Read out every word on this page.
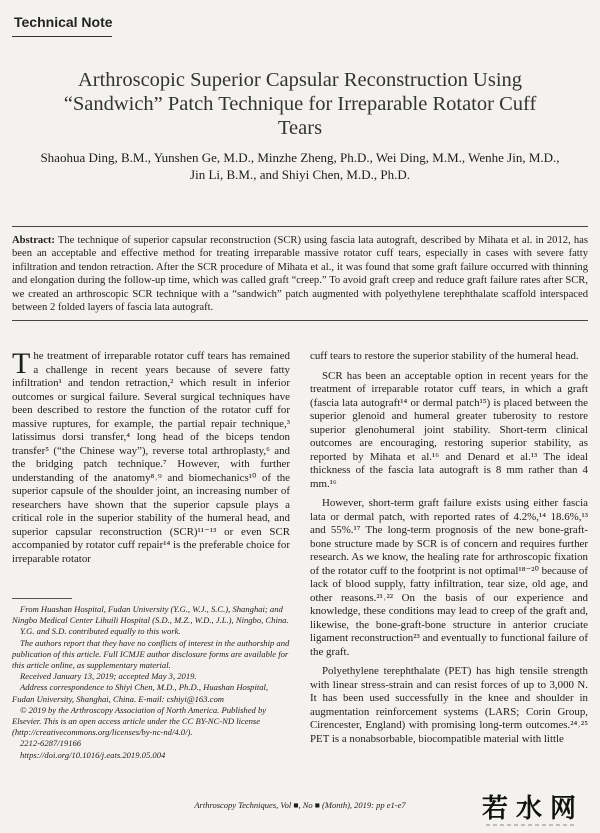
Technical Note
Arthroscopic Superior Capsular Reconstruction Using “Sandwich” Patch Technique for Irreparable Rotator Cuff Tears
Shaohua Ding, B.M., Yunshen Ge, M.D., Minzhe Zheng, Ph.D., Wei Ding, M.M., Wenhe Jin, M.D., Jin Li, B.M., and Shiyi Chen, M.D., Ph.D.
Abstract: The technique of superior capsular reconstruction (SCR) using fascia lata autograft, described by Mihata et al. in 2012, has been an acceptable and effective method for treating irreparable massive rotator cuff tears, especially in cases with severe fatty infiltration and tendon retraction. After the SCR procedure of Mihata et al., it was found that some graft failure occurred with thinning and elongation during the follow-up time, which was called graft “creep.” To avoid graft creep and reduce graft failure rates after SCR, we created an arthroscopic SCR technique with a “sandwich” patch augmented with polyethylene terephthalate scaffold interspaced between 2 folded layers of fascia lata autograft.

The treatment of irreparable rotator cuff tears has remained a challenge in recent years because of severe fatty infiltration¹ and tendon retraction,² which result in inferior outcomes or surgical failure. Several surgical techniques have been described to restore the function of the rotator cuff for massive ruptures, for example, the partial repair technique,³ latissimus dorsi transfer,⁴ long head of the biceps tendon transfer⁵ (“the Chinese way”), reverse total arthroplasty,⁶ and the bridging patch technique.⁷ However, with further understanding of the anatomy⁸˒⁹ and biomechanics¹⁰ of the superior capsule of the shoulder joint, an increasing number of researchers have shown that the superior capsule plays a critical role in the superior stability of the humeral head, and superior capsular reconstruction (SCR)¹¹⁻¹³ or even SCR accompanied by rotator cuff repair¹⁴ is the preferable choice for irreparable rotator

From Huashan Hospital, Fudan University (Y.G., W.J., S.C.), Shanghai; and Ningbo Medical Center Lihuili Hospital (S.D., M.Z., W.D., J.L.), Ningbo, China.

Y.G. and S.D. contributed equally to this work.

The authors report that they have no conflicts of interest in the authorship and publication of this article. Full ICMJE author disclosure forms are available for this article online, as supplementary material.

Received January 13, 2019; accepted May 3, 2019.

Address correspondence to Shiyi Chen, M.D., Ph.D., Huashan Hospital, Fudan University, Shanghai, China. E-mail: cshiyi@163.com

© 2019 by the Arthroscopy Association of North America. Published by Elsevier. This is an open access article under the CC BY-NC-ND license (http://creativecommons.org/licenses/by-nc-nd/4.0/).

2212-6287/19166

https://doi.org/10.1016/j.eats.2019.05.004

cuff tears to restore the superior stability of the humeral head.

SCR has been an acceptable option in recent years for the treatment of irreparable rotator cuff tears, in which a graft (fascia lata autograft¹⁴ or dermal patch¹⁵) is placed between the superior glenoid and humeral greater tuberosity to restore superior glenohumeral joint stability. Short-term clinical outcomes are encouraging, restoring superior stability, as reported by Mihata et al.¹⁶ and Denard et al.¹³ The ideal thickness of the fascia lata autograft is 8 mm rather than 4 mm.¹⁶

However, short-term graft failure exists using either fascia lata or dermal patch, with reported rates of 4.2%,¹⁴ 18.6%,¹³ and 55%.¹⁷ The long-term prognosis of the new bone-graft-bone structure made by SCR is of concern and requires further research. As we know, the healing rate for arthroscopic fixation of the rotator cuff to the footprint is not optimal¹⁸⁻²⁰ because of lack of blood supply, fatty infiltration, tear size, old age, and other reasons.²¹˒²² On the basis of our experience and knowledge, these conditions may lead to creep of the graft and, likewise, the bone-graft-bone structure in anterior cruciate ligament reconstruction²³ and eventually to functional failure of the graft.

Polyethylene terephthalate (PET) has high tensile strength with linear stress-strain and can resist forces of up to 3,000 N. It has been used successfully in the knee and shoulder in augmentation reinforcement systems (LARS; Corin Group, Cirencester, England) with promising long-term outcomes.²⁴˒²⁵ PET is a nonabsorbable, biocompatible material with little

Arthroscopy Techniques, Vol ■, No ■ (Month), 2019: pp e1-e7	若水网
